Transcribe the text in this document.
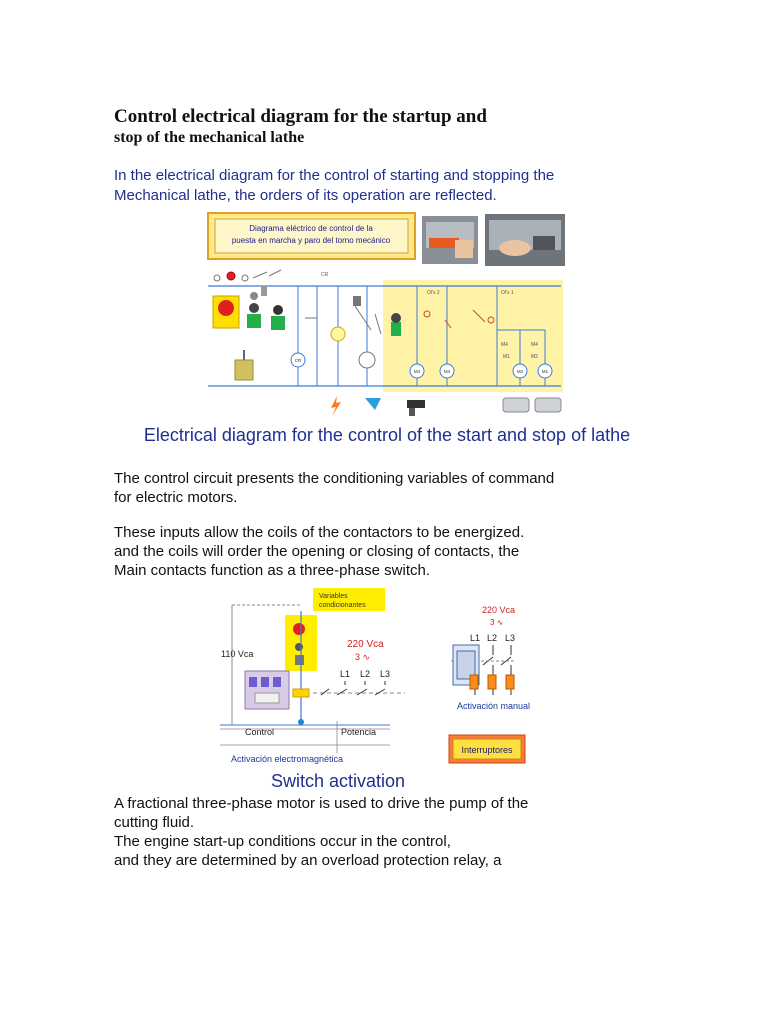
Control electrical diagram for the startup and
stop of the mechanical lathe
In the electrical diagram for the control of starting and stopping the
Mechanical lathe, the orders of its operation are reflected.
Diagrama eléctrico de control de la
puesta en marcha y paro del torno mecánico
CR
Ol's 2	Ol's 1
M4	M4
M1	M2
CR
M3	M4	M2	M1
Electrical diagram for the control of the start and stop of lathe
The control circuit presents the conditioning variables of command
for electric motors.
These inputs allow the coils of the contactors to be energized.
and the coils will order the opening or closing of contacts, the
Main contacts function as a three-phase switch.
Variables
condicionantes
110 Vca
220 Vca
3 ∿
L1 L2 L3
Control	Potencia
Activación electromagnética
220 Vca
3 ∿
L1 L2 L3
Activación manual
Interruptores
Switch activation
A fractional three-phase motor is used to drive the pump of the
cutting fluid.
The engine start-up conditions occur in the control,
and they are determined by an overload protection relay, a
